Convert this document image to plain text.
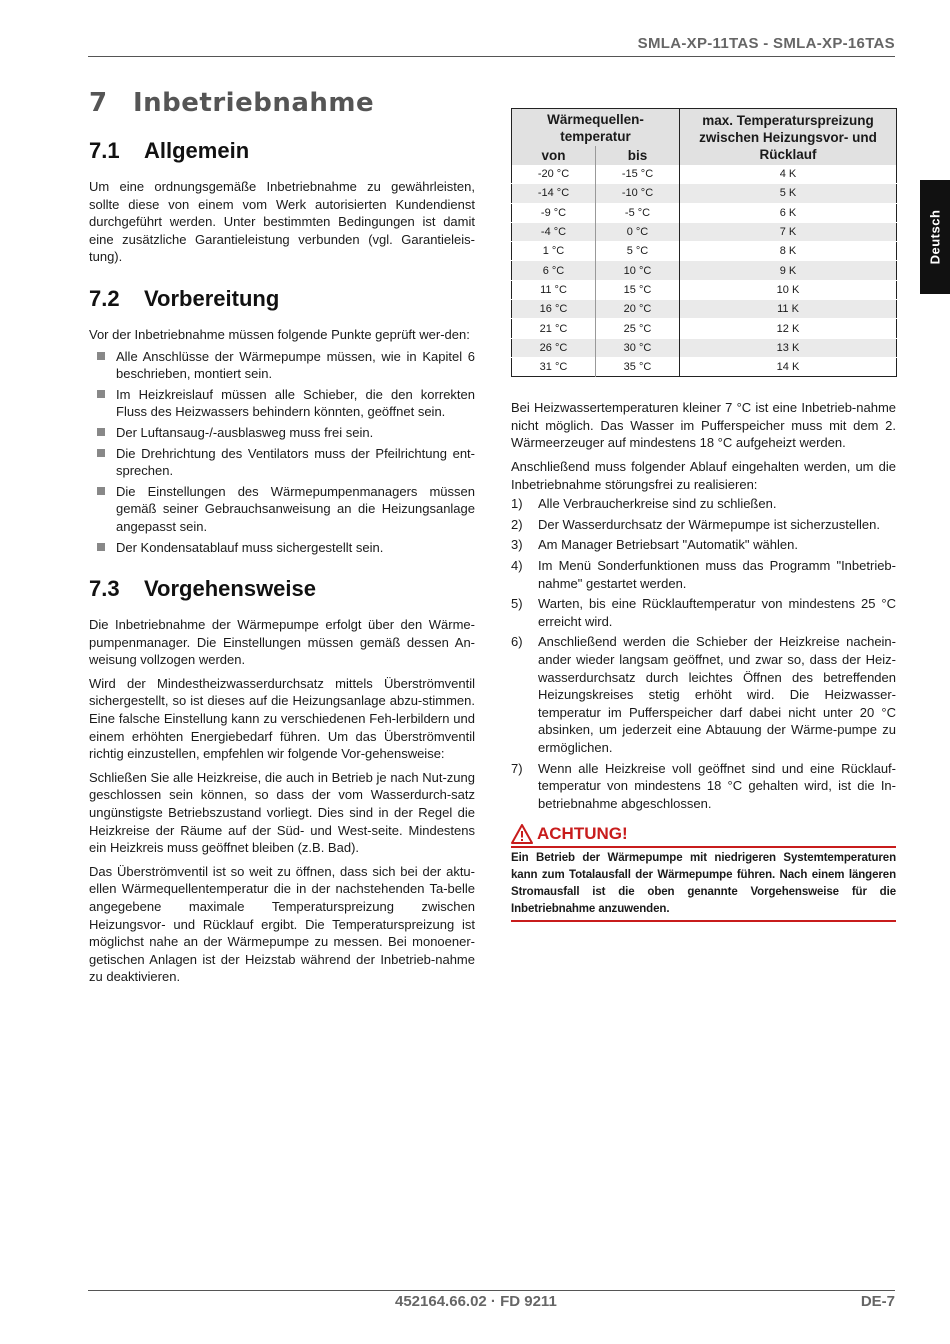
SMLA-XP-11TAS - SMLA-XP-16TAS
Deutsch
7 Inbetriebnahme
7.1 Allgemein

Um eine ordnungsgemäße Inbetriebnahme zu gewährleisten, sollte diese von einem vom Werk autorisierten Kundendienst durchgeführt werden. Unter bestimmten Bedingungen ist damit eine zusätzliche Garantieleistung verbunden (vgl. Garantieleis-tung).

7.2 Vorbereitung

Vor der Inbetriebnahme müssen folgende Punkte geprüft wer-den:

Alle Anschlüsse der Wärmepumpe müssen, wie in Kapitel 6 beschrieben, montiert sein.
Im Heizkreislauf müssen alle Schieber, die den korrekten Fluss des Heizwassers behindern könnten, geöffnet sein.
Der Luftansaug-/-ausblasweg muss frei sein.
Die Drehrichtung des Ventilators muss der Pfeilrichtung ent-sprechen.
Die Einstellungen des Wärmepumpenmanagers müssen gemäß seiner Gebrauchsanweisung an die Heizungsanlage angepasst sein.
Der Kondensatablauf muss sichergestellt sein.
7.3 Vorgehensweise

Die Inbetriebnahme der Wärmepumpe erfolgt über den Wärme-pumpenmanager. Die Einstellungen müssen gemäß dessen An-weisung vollzogen werden.

Wird der Mindestheizwasserdurchsatz mittels Überströmventil sichergestellt, so ist dieses auf die Heizungsanlage abzu-stimmen. Eine falsche Einstellung kann zu verschiedenen Feh-lerbildern und einem erhöhten Energiebedarf führen. Um das Überströmventil richtig einzustellen, empfehlen wir folgende Vor-gehensweise:

Schließen Sie alle Heizkreise, die auch in Betrieb je nach Nut-zung geschlossen sein können, so dass der vom Wasserdurch-satz ungünstigste Betriebszustand vorliegt. Dies sind in der Regel die Heizkreise der Räume auf der Süd- und West-seite. Mindestens ein Heizkreis muss geöffnet bleiben (z.B. Bad).

Das Überströmventil ist so weit zu öffnen, dass sich bei der aktu-ellen Wärmequellentemperatur die in der nachstehenden Ta-belle angegebene maximale Temperaturspreizung zwischen Heizungsvor- und Rücklauf ergibt. Die Temperaturspreizung ist möglichst nahe an der Wärmepumpe zu messen. Bei monoener-getischen Anlagen ist der Heizstab während der Inbetrieb-nahme zu deaktivieren.

Wärmequellen-temperatur		max. Temperaturspreizung zwischen Heizungsvor- und Rücklauf
von	bis	
-20 °C	-15 °C	4 K
-14 °C	-10 °C	5 K
-9 °C	-5 °C	6 K
-4 °C	0 °C	7 K
1 °C	5 °C	8 K
6 °C	10 °C	9 K
11 °C	15 °C	10 K
16 °C	20 °C	11 K
21 °C	25 °C	12 K
26 °C	30 °C	13 K
31 °C	35 °C	14 K

Bei Heizwassertemperaturen kleiner 7 °C ist eine Inbetrieb-nahme nicht möglich. Das Wasser im Pufferspeicher muss mit dem 2. Wärmeerzeuger auf mindestens 18 °C aufgeheizt werden.

Anschließend muss folgender Ablauf eingehalten werden, um die Inbetriebnahme störungsfrei zu realisieren:

1) Alle Verbraucherkreise sind zu schließen.
2) Der Wasserdurchsatz der Wärmepumpe ist sicherzustellen.
3) Am Manager Betriebsart "Automatik" wählen.
4) Im Menü Sonderfunktionen muss das Programm "Inbetrieb-nahme" gestartet werden.
5) Warten, bis eine Rücklauftemperatur von mindestens 25 °C erreicht wird.
6) Anschließend werden die Schieber der Heizkreise nachein-ander wieder langsam geöffnet, und zwar so, dass der Heiz-wasserdurchsatz durch leichtes Öffnen des betreffenden Heizungskreises stetig erhöht wird. Die Heizwasser-temperatur im Pufferspeicher darf dabei nicht unter 20 °C absinken, um jederzeit eine Abtauung der Wärme-pumpe zu ermöglichen.
7) Wenn alle Heizkreise voll geöffnet sind und eine Rücklauf-temperatur von mindestens 18 °C gehalten wird, ist die In-betriebnahme abgeschlossen.
ACHTUNG!
Ein Betrieb der Wärmepumpe mit niedrigeren Systemtemperaturen kann zum Totalausfall der Wärmepumpe führen. Nach einem längeren Stromausfall ist die oben genannte Vorgehensweise für die Inbetriebnahme anzuwenden.
452164.66.02 · FD 9211	DE-7
